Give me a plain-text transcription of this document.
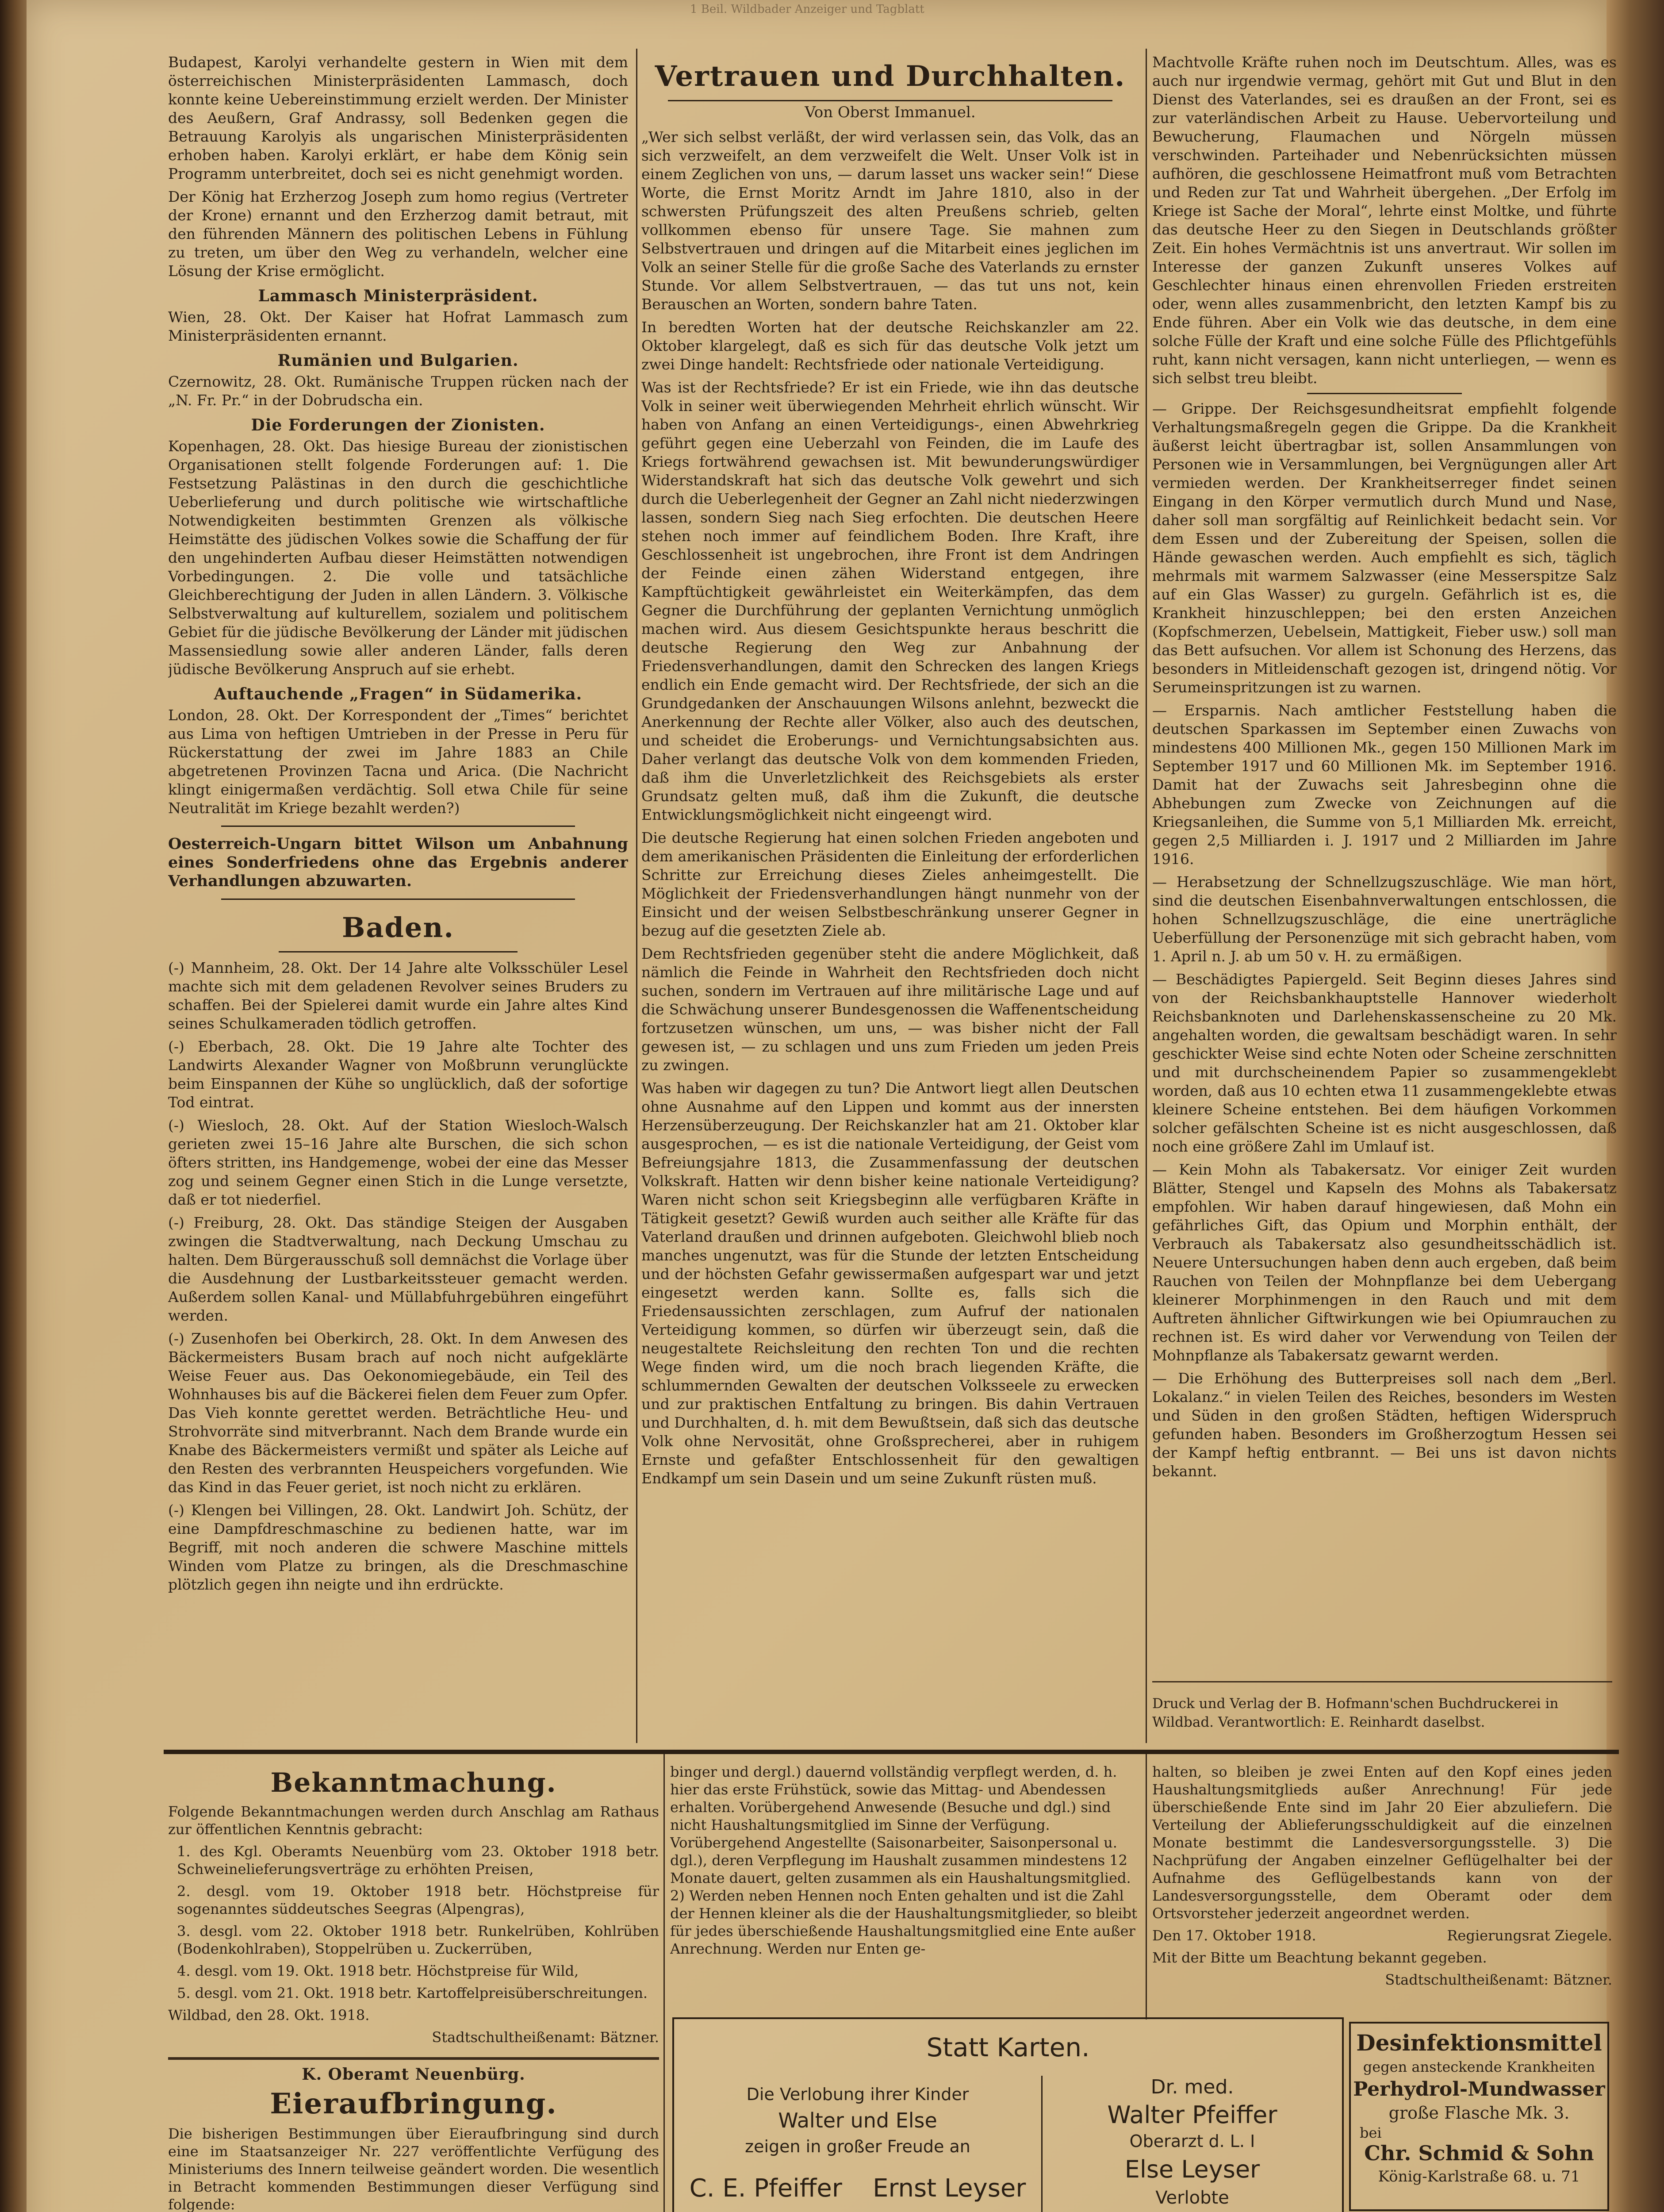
1 Beil. Wildbader Anzeiger und Tagblatt

Budapest, Karolyi verhandelte gestern in Wien mit dem österreichischen Ministerpräsidenten Lammasch, doch konnte keine Uebereinstimmung erzielt werden. Der Minister des Aeußern, Graf Andrassy, soll Bedenken gegen die Betrauung Karolyis als ungarischen Ministerpräsidenten erhoben haben. Karolyi erklärt, er habe dem König sein Programm unterbreitet, doch sei es nicht genehmigt worden.

Der König hat Erzherzog Joseph zum homo regius (Vertreter der Krone) ernannt und den Erzherzog damit betraut, mit den führenden Männern des politischen Lebens in Fühlung zu treten, um über den Weg zu verhandeln, welcher eine Lösung der Krise ermöglicht.

Lammasch Ministerpräsident.

Wien, 28. Okt. Der Kaiser hat Hofrat Lammasch zum Ministerpräsidenten ernannt.

Rumänien und Bulgarien.

Czernowitz, 28. Okt. Rumänische Truppen rücken nach der „N. Fr. Pr.“ in der Dobrudscha ein.

Die Forderungen der Zionisten.

Kopenhagen, 28. Okt. Das hiesige Bureau der zionistischen Organisationen stellt folgende Forderungen auf: 1. Die Festsetzung Palästinas in den durch die geschichtliche Ueberlieferung und durch politische wie wirtschaftliche Notwendigkeiten bestimmten Grenzen als völkische Heimstätte des jüdischen Volkes sowie die Schaffung der für den ungehinderten Aufbau dieser Heimstätten notwendigen Vorbedingungen. 2. Die volle und tatsächliche Gleichberechtigung der Juden in allen Ländern. 3. Völkische Selbstverwaltung auf kulturellem, sozialem und politischem Gebiet für die jüdische Bevölkerung der Länder mit jüdischen Massensiedlung sowie aller anderen Länder, falls deren jüdische Bevölkerung Anspruch auf sie erhebt.

Auftauchende „Fragen“ in Südamerika.

London, 28. Okt. Der Korrespondent der „Times“ berichtet aus Lima von heftigen Umtrieben in der Presse in Peru für Rückerstattung der zwei im Jahre 1883 an Chile abgetretenen Provinzen Tacna und Arica. (Die Nachricht klingt einigermaßen verdächtig. Soll etwa Chile für seine Neutralität im Kriege bezahlt werden?)

Oesterreich-Ungarn bittet Wilson um Anbahnung eines Sonderfriedens ohne das Ergebnis anderer Verhandlungen abzuwarten.

Baden.

(-) Mannheim, 28. Okt. Der 14 Jahre alte Volksschüler Lesel machte sich mit dem geladenen Revolver seines Bruders zu schaffen. Bei der Spielerei damit wurde ein Jahre altes Kind seines Schulkameraden tödlich getroffen.

(-) Eberbach, 28. Okt. Die 19 Jahre alte Tochter des Landwirts Alexander Wagner von Moßbrunn verunglückte beim Einspannen der Kühe so unglücklich, daß der sofortige Tod eintrat.

(-) Wiesloch, 28. Okt. Auf der Station Wiesloch-Walsch gerieten zwei 15–16 Jahre alte Burschen, die sich schon öfters stritten, ins Handgemenge, wobei der eine das Messer zog und seinem Gegner einen Stich in die Lunge versetzte, daß er tot niederfiel.

(-) Freiburg, 28. Okt. Das ständige Steigen der Ausgaben zwingen die Stadtverwaltung, nach Deckung Umschau zu halten. Dem Bürgerausschuß soll demnächst die Vorlage über die Ausdehnung der Lustbarkeitssteuer gemacht werden. Außerdem sollen Kanal- und Müllabfuhrgebühren eingeführt werden.

(-) Zusenhofen bei Oberkirch, 28. Okt. In dem Anwesen des Bäckermeisters Busam brach auf noch nicht aufgeklärte Weise Feuer aus. Das Oekonomiegebäude, ein Teil des Wohnhauses bis auf die Bäckerei fielen dem Feuer zum Opfer. Das Vieh konnte gerettet werden. Beträchtliche Heu- und Strohvorräte sind mitverbrannt. Nach dem Brande wurde ein Knabe des Bäckermeisters vermißt und später als Leiche auf den Resten des verbrannten Heuspeichers vorgefunden. Wie das Kind in das Feuer geriet, ist noch nicht zu erklären.

(-) Klengen bei Villingen, 28. Okt. Landwirt Joh. Schütz, der eine Dampfdreschmaschine zu bedienen hatte, war im Begriff, mit noch anderen die schwere Maschine mittels Winden vom Platze zu bringen, als die Dreschmaschine plötzlich gegen ihn neigte und ihn erdrückte.

Vertrauen und Durchhalten.
Von Oberst Immanuel.

„Wer sich selbst verläßt, der wird verlassen sein, das Volk, das an sich verzweifelt, an dem verzweifelt die Welt. Unser Volk ist in einem Zeglichen von uns, — darum lasset uns wacker sein!“ Diese Worte, die Ernst Moritz Arndt im Jahre 1810, also in der schwersten Prüfungszeit des alten Preußens schrieb, gelten vollkommen ebenso für unsere Tage. Sie mahnen zum Selbstvertrauen und dringen auf die Mitarbeit eines jeglichen im Volk an seiner Stelle für die große Sache des Vaterlands zu ernster Stunde. Vor allem Selbstvertrauen, — das tut uns not, kein Berauschen an Worten, sondern bahre Taten.

In beredten Worten hat der deutsche Reichskanzler am 22. Oktober klargelegt, daß es sich für das deutsche Volk jetzt um zwei Dinge handelt: Rechtsfriede oder nationale Verteidigung.

Was ist der Rechtsfriede? Er ist ein Friede, wie ihn das deutsche Volk in seiner weit überwiegenden Mehrheit ehrlich wünscht. Wir haben von Anfang an einen Verteidigungs-, einen Abwehrkrieg geführt gegen eine Ueberzahl von Feinden, die im Laufe des Kriegs fortwährend gewachsen ist. Mit bewunderungswürdiger Widerstandskraft hat sich das deutsche Volk gewehrt und sich durch die Ueberlegenheit der Gegner an Zahl nicht niederzwingen lassen, sondern Sieg nach Sieg erfochten. Die deutschen Heere stehen noch immer auf feindlichem Boden. Ihre Kraft, ihre Geschlossenheit ist ungebrochen, ihre Front ist dem Andringen der Feinde einen zähen Widerstand entgegen, ihre Kampftüchtigkeit gewährleistet ein Weiterkämpfen, das dem Gegner die Durchführung der geplanten Vernichtung unmöglich machen wird. Aus diesem Gesichtspunkte heraus beschritt die deutsche Regierung den Weg zur Anbahnung der Friedensverhandlungen, damit den Schrecken des langen Kriegs endlich ein Ende gemacht wird. Der Rechtsfriede, der sich an die Grundgedanken der Anschauungen Wilsons anlehnt, bezweckt die Anerkennung der Rechte aller Völker, also auch des deutschen, und scheidet die Eroberungs- und Vernichtungsabsichten aus. Daher verlangt das deutsche Volk von dem kommenden Frieden, daß ihm die Unverletzlichkeit des Reichsgebiets als erster Grundsatz gelten muß, daß ihm die Zukunft, die deutsche Entwicklungsmöglichkeit nicht eingeengt wird.

Die deutsche Regierung hat einen solchen Frieden angeboten und dem amerikanischen Präsidenten die Einleitung der erforderlichen Schritte zur Erreichung dieses Zieles anheimgestellt. Die Möglichkeit der Friedensverhandlungen hängt nunmehr von der Einsicht und der weisen Selbstbeschränkung unserer Gegner in bezug auf die gesetzten Ziele ab.

Dem Rechtsfrieden gegenüber steht die andere Möglichkeit, daß nämlich die Feinde in Wahrheit den Rechtsfrieden doch nicht suchen, sondern im Vertrauen auf ihre militärische Lage und auf die Schwächung unserer Bundesgenossen die Waffenentscheidung fortzusetzen wünschen, um uns, — was bisher nicht der Fall gewesen ist, — zu schlagen und uns zum Frieden um jeden Preis zu zwingen.

Was haben wir dagegen zu tun? Die Antwort liegt allen Deutschen ohne Ausnahme auf den Lippen und kommt aus der innersten Herzensüberzeugung. Der Reichskanzler hat am 21. Oktober klar ausgesprochen, — es ist die nationale Verteidigung, der Geist vom Befreiungsjahre 1813, die Zusammenfassung der deutschen Volkskraft. Hatten wir denn bisher keine nationale Verteidigung? Waren nicht schon seit Kriegsbeginn alle verfügbaren Kräfte in Tätigkeit gesetzt? Gewiß wurden auch seither alle Kräfte für das Vaterland draußen und drinnen aufgeboten. Gleichwohl blieb noch manches ungenutzt, was für die Stunde der letzten Entscheidung und der höchsten Gefahr gewissermaßen aufgespart war und jetzt eingesetzt werden kann. Sollte es, falls sich die Friedensaussichten zerschlagen, zum Aufruf der nationalen Verteidigung kommen, so dürfen wir überzeugt sein, daß die neugestaltete Reichsleitung den rechten Ton und die rechten Wege finden wird, um die noch brach liegenden Kräfte, die schlummernden Gewalten der deutschen Volksseele zu erwecken und zur praktischen Entfaltung zu bringen. Bis dahin Vertrauen und Durchhalten, d. h. mit dem Bewußtsein, daß sich das deutsche Volk ohne Nervosität, ohne Großsprecherei, aber in ruhigem Ernste und gefaßter Entschlossenheit für den gewaltigen Endkampf um sein Dasein und um seine Zukunft rüsten muß.

Machtvolle Kräfte ruhen noch im Deutschtum. Alles, was es auch nur irgendwie vermag, gehört mit Gut und Blut in den Dienst des Vaterlandes, sei es draußen an der Front, sei es zur vaterländischen Arbeit zu Hause. Uebervorteilung und Bewucherung, Flaumachen und Nörgeln müssen verschwinden. Parteihader und Nebenrücksichten müssen aufhören, die geschlossene Heimatfront muß vom Betrachten und Reden zur Tat und Wahrheit übergehen. „Der Erfolg im Kriege ist Sache der Moral“, lehrte einst Moltke, und führte das deutsche Heer zu den Siegen in Deutschlands größter Zeit. Ein hohes Vermächtnis ist uns anvertraut. Wir sollen im Interesse der ganzen Zukunft unseres Volkes auf Geschlechter hinaus einen ehrenvollen Frieden erstreiten oder, wenn alles zusammenbricht, den letzten Kampf bis zu Ende führen. Aber ein Volk wie das deutsche, in dem eine solche Fülle der Kraft und eine solche Fülle des Pflichtgefühls ruht, kann nicht versagen, kann nicht unterliegen, — wenn es sich selbst treu bleibt.

— Grippe. Der Reichsgesundheitsrat empfiehlt folgende Verhaltungsmaßregeln gegen die Grippe. Da die Krankheit äußerst leicht übertragbar ist, sollen Ansammlungen von Personen wie in Versammlungen, bei Vergnügungen aller Art vermieden werden. Der Krankheitserreger findet seinen Eingang in den Körper vermutlich durch Mund und Nase, daher soll man sorgfältig auf Reinlichkeit bedacht sein. Vor dem Essen und der Zubereitung der Speisen, sollen die Hände gewaschen werden. Auch empfiehlt es sich, täglich mehrmals mit warmem Salzwasser (eine Messerspitze Salz auf ein Glas Wasser) zu gurgeln. Gefährlich ist es, die Krankheit hinzuschleppen; bei den ersten Anzeichen (Kopfschmerzen, Uebelsein, Mattigkeit, Fieber usw.) soll man das Bett aufsuchen. Vor allem ist Schonung des Herzens, das besonders in Mitleidenschaft gezogen ist, dringend nötig. Vor Serumeinspritzungen ist zu warnen.

— Ersparnis. Nach amtlicher Feststellung haben die deutschen Sparkassen im September einen Zuwachs von mindestens 400 Millionen Mk., gegen 150 Millionen Mark im September 1917 und 60 Millionen Mk. im September 1916. Damit hat der Zuwachs seit Jahresbeginn ohne die Abhebungen zum Zwecke von Zeichnungen auf die Kriegsanleihen, die Summe von 5,1 Milliarden Mk. erreicht, gegen 2,5 Milliarden i. J. 1917 und 2 Milliarden im Jahre 1916.

— Herabsetzung der Schnellzugszuschläge. Wie man hört, sind die deutschen Eisenbahnverwaltungen entschlossen, die hohen Schnellzugszuschläge, die eine unerträgliche Ueberfüllung der Personenzüge mit sich gebracht haben, vom 1. April n. J. ab um 50 v. H. zu ermäßigen.

— Beschädigtes Papiergeld. Seit Beginn dieses Jahres sind von der Reichsbankhauptstelle Hannover wiederholt Reichsbanknoten und Darlehenskassenscheine zu 20 Mk. angehalten worden, die gewaltsam beschädigt waren. In sehr geschickter Weise sind echte Noten oder Scheine zerschnitten und mit durchscheinendem Papier so zusammengeklebt worden, daß aus 10 echten etwa 11 zusammengeklebte etwas kleinere Scheine entstehen. Bei dem häufigen Vorkommen solcher gefälschten Scheine ist es nicht ausgeschlossen, daß noch eine größere Zahl im Umlauf ist.

— Kein Mohn als Tabakersatz. Vor einiger Zeit wurden Blätter, Stengel und Kapseln des Mohns als Tabakersatz empfohlen. Wir haben darauf hingewiesen, daß Mohn ein gefährliches Gift, das Opium und Morphin enthält, der Verbrauch als Tabakersatz also gesundheitsschädlich ist. Neuere Untersuchungen haben denn auch ergeben, daß beim Rauchen von Teilen der Mohnpflanze bei dem Uebergang kleinerer Morphinmengen in den Rauch und mit dem Auftreten ähnlicher Giftwirkungen wie bei Opiumrauchen zu rechnen ist. Es wird daher vor Verwendung von Teilen der Mohnpflanze als Tabakersatz gewarnt werden.

— Die Erhöhung des Butterpreises soll nach dem „Berl. Lokalanz.“ in vielen Teilen des Reiches, besonders im Westen und Süden in den großen Städten, heftigen Widerspruch gefunden haben. Besonders im Großherzogtum Hessen sei der Kampf heftig entbrannt. — Bei uns ist davon nichts bekannt.

Druck und Verlag der B. Hofmann'schen Buchdruckerei in Wildbad. Verantwortlich: E. Reinhardt daselbst.
Bekanntmachung.

Folgende Bekanntmachungen werden durch Anschlag am Rathaus zur öffentlichen Kenntnis gebracht:

1. des Kgl. Oberamts Neuenbürg vom 23. Oktober 1918 betr. Schweinelieferungsverträge zu erhöhten Preisen,

2. desgl. vom 19. Oktober 1918 betr. Höchstpreise für sogenanntes süddeutsches Seegras (Alpengras),

3. desgl. vom 22. Oktober 1918 betr. Runkelrüben, Kohlrüben (Bodenkohlraben), Stoppelrüben u. Zuckerrüben,

4. desgl. vom 19. Okt. 1918 betr. Höchstpreise für Wild,

5. desgl. vom 21. Okt. 1918 betr. Kartoffelpreisüberschreitungen.

Wildbad, den 28. Okt. 1918.

Stadtschultheißenamt: Bätzner.

K. Oberamt Neuenbürg.
Eieraufbringung.

Die bisherigen Bestimmungen über Eieraufbringung sind durch eine im Staatsanzeiger Nr. 227 veröffentlichte Verfügung des Ministeriums des Innern teilweise geändert worden. Die wesentlich in Betracht kommenden Bestimmungen dieser Verfügung sind folgende:

binger und dergl.) dauernd vollständig verpflegt werden, d. h. hier das erste Frühstück, sowie das Mittag- und Abendessen erhalten. Vorübergehend Anwesende (Besuche und dgl.) sind nicht Haushaltungsmitglied im Sinne der Verfügung. Vorübergehend Angestellte (Saisonarbeiter, Saisonpersonal u. dgl.), deren Verpflegung im Haushalt zusammen mindestens 12 Monate dauert, gelten zusammen als ein Haushaltungsmitglied. 2) Werden neben Hennen noch Enten gehalten und ist die Zahl der Hennen kleiner als die der Haushaltungsmitglieder, so bleibt für jedes überschießende Haushaltungsmitglied eine Ente außer Anrechnung. Werden nur Enten ge-

halten, so bleiben je zwei Enten auf den Kopf eines jeden Haushaltungsmitglieds außer Anrechnung! Für jede überschießende Ente sind im Jahr 20 Eier abzuliefern. Die Verteilung der Ablieferungsschuldigkeit auf die einzelnen Monate bestimmt die Landesversorgungsstelle. 3) Die Nachprüfung der Angaben einzelner Geflügelhalter bei der Aufnahme des Geflügelbestands kann von der Landesversorgungsstelle, dem Oberamt oder dem Ortsvorsteher jederzeit angeordnet werden.

Den 17. Oktober 1918.	Regierungsrat Ziegele.

Mit der Bitte um Beachtung bekannt gegeben.

Stadtschultheißenamt: Bätzner.

Statt Karten.
Die Verlobung ihrer Kinder
Walter und Else
zeigen in großer Freude an
C. E. Pfeiffer Ernst Leyser
Dr. med.
Walter Pfeiffer
Oberarzt d. L. I
Else Leyser
Verlobte
Desinfektionsmittel
gegen ansteckende Krankheiten
Perhydrol-Mundwasser
große Flasche Mk. 3.
bei
Chr. Schmid & Sohn
König-Karlstraße 68. u. 71
